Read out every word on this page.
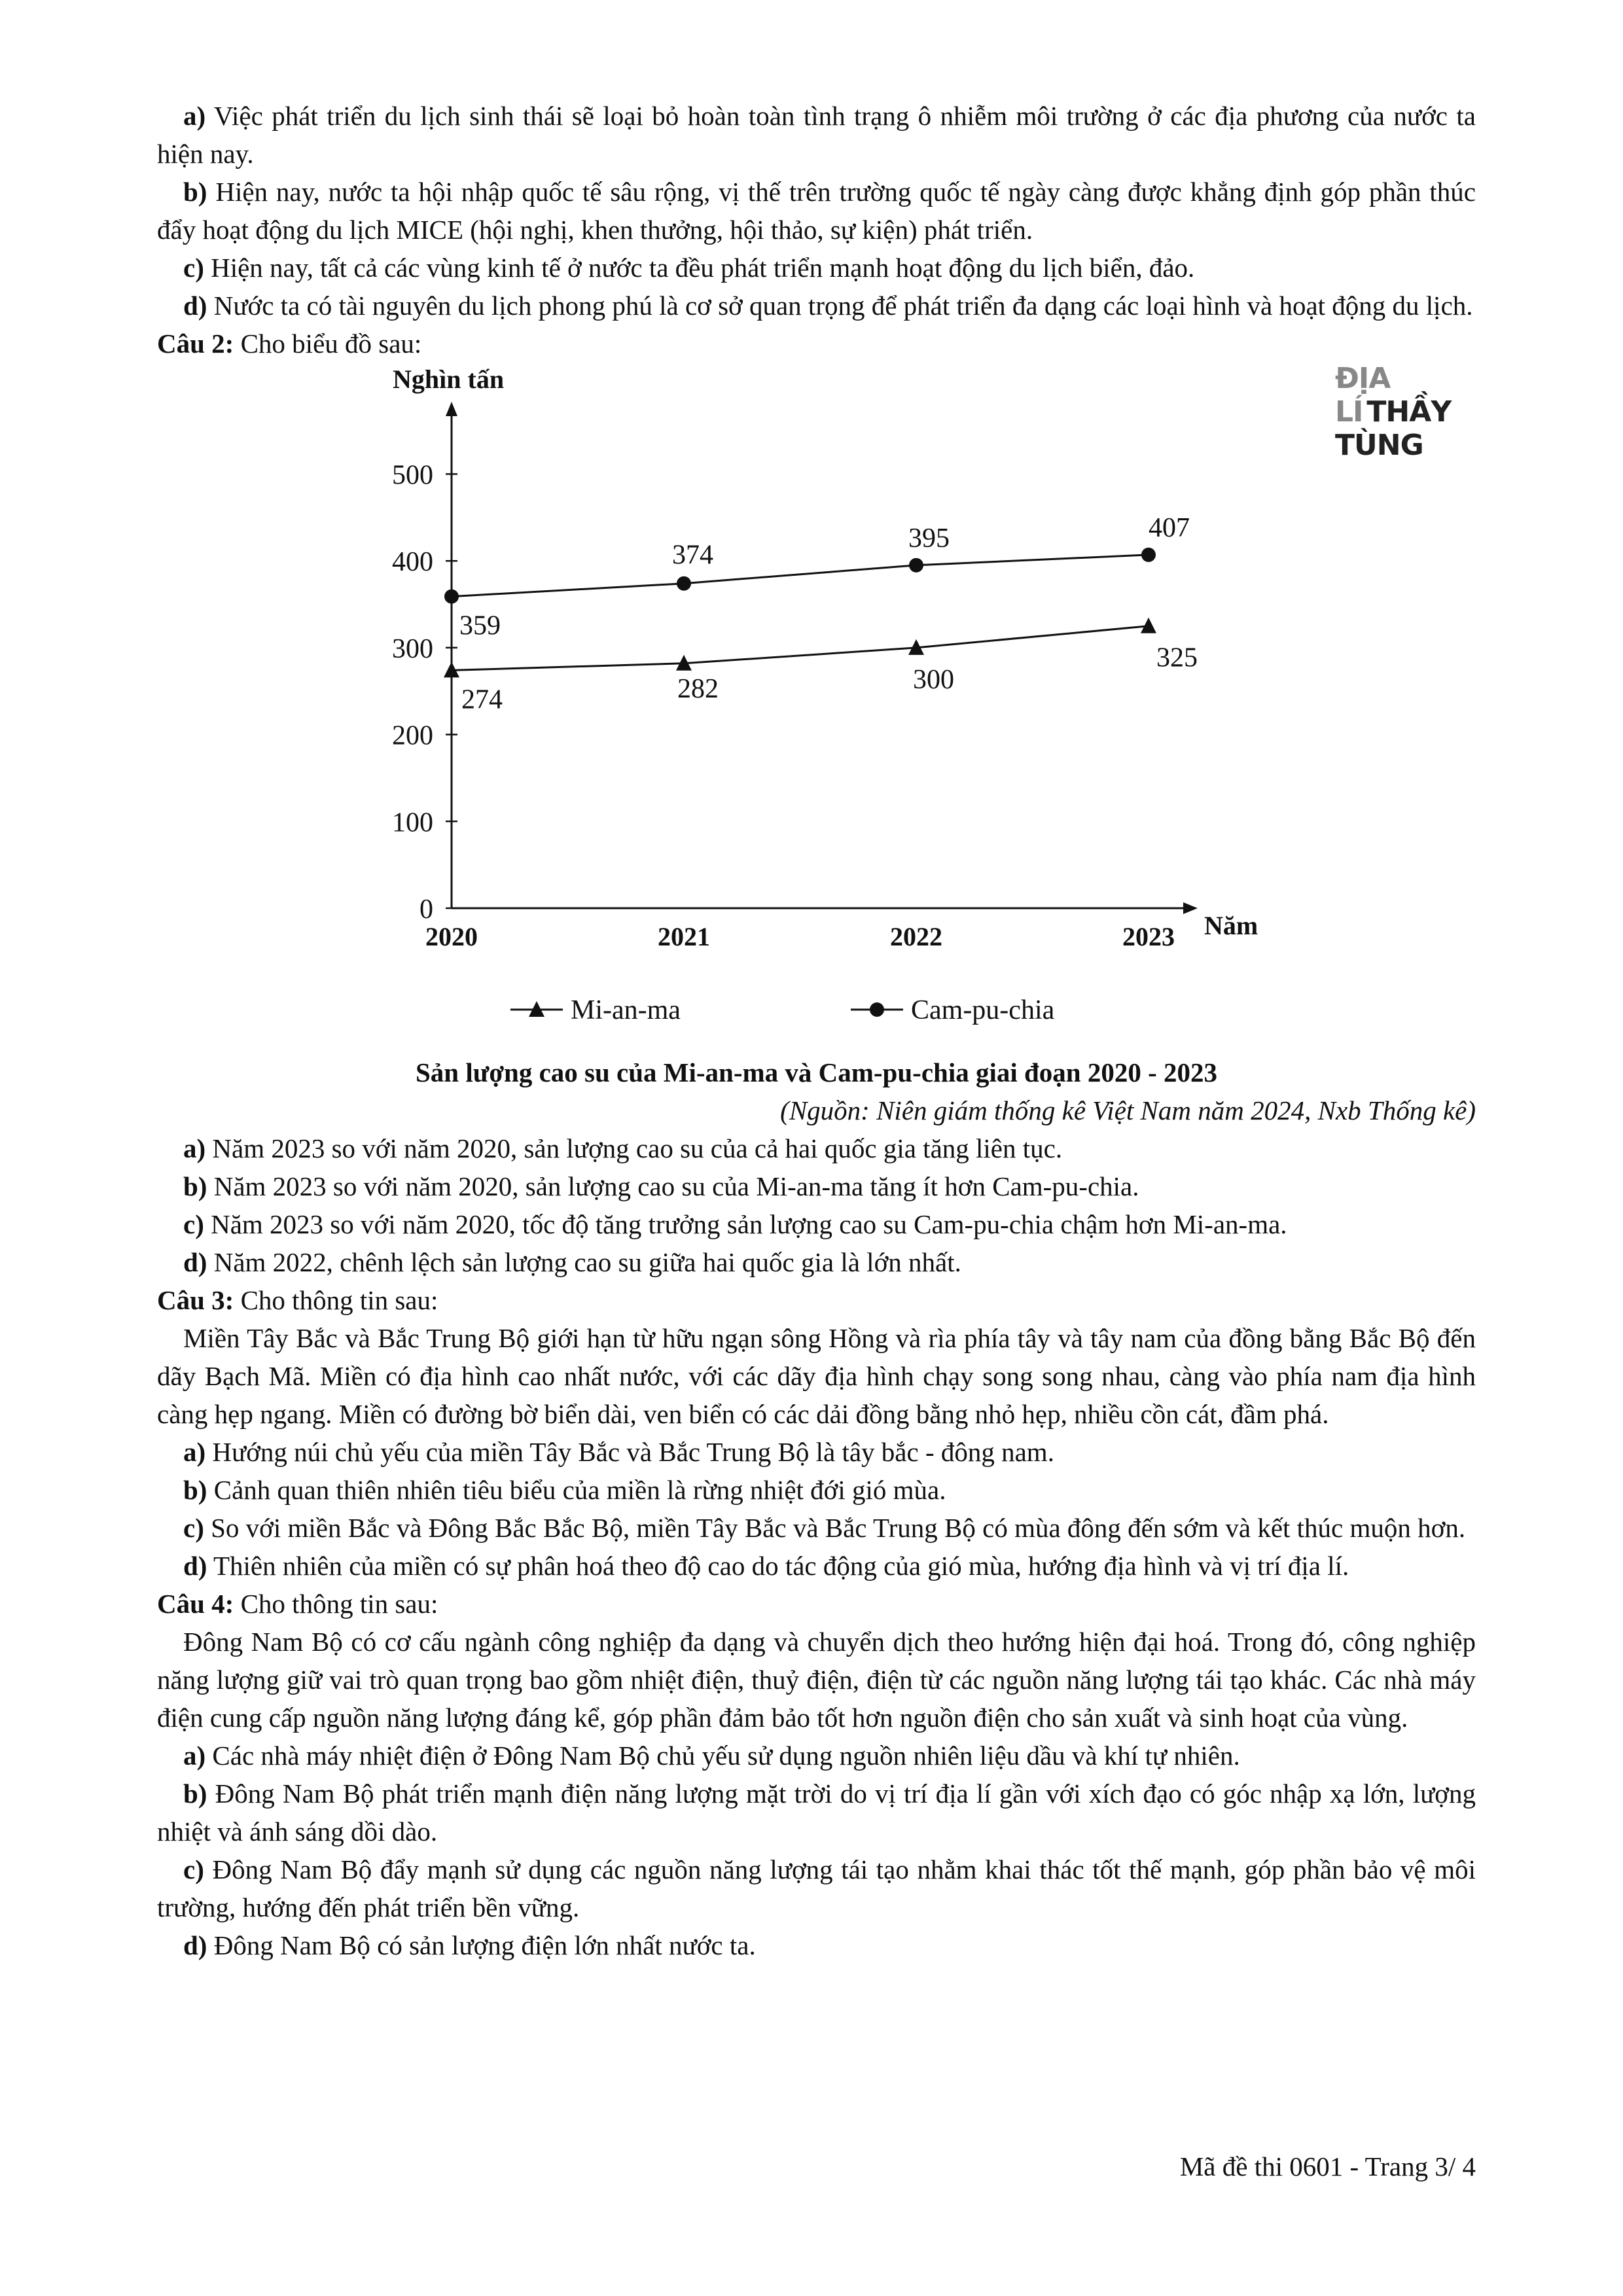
a) Việc phát triển du lịch sinh thái sẽ loại bỏ hoàn toàn tình trạng ô nhiễm môi trường ở các địa phương của nước ta hiện nay.

b) Hiện nay, nước ta hội nhập quốc tế sâu rộng, vị thế trên trường quốc tế ngày càng được khẳng định góp phần thúc đẩy hoạt động du lịch MICE (hội nghị, khen thưởng, hội thảo, sự kiện) phát triển.

c) Hiện nay, tất cả các vùng kinh tế ở nước ta đều phát triển mạnh hoạt động du lịch biển, đảo.

d) Nước ta có tài nguyên du lịch phong phú là cơ sở quan trọng để phát triển đa dạng các loại hình và hoạt động du lịch.

Câu 2: Cho biểu đồ sau:

ĐỊA LÍ THẦY TÙNG
Nghìn tấn
Năm
0
100
200
300
400
500
2020	2021	2022	2023
274	282	300
325
359
374
395	407
Mi-an-ma	Cam-pu-chia

Sản lượng cao su của Mi-an-ma và Cam-pu-chia giai đoạn 2020 - 2023

(Nguồn: Niên giám thống kê Việt Nam năm 2024, Nxb Thống kê)

a) Năm 2023 so với năm 2020, sản lượng cao su của cả hai quốc gia tăng liên tục.

b) Năm 2023 so với năm 2020, sản lượng cao su của Mi-an-ma tăng ít hơn Cam-pu-chia.

c) Năm 2023 so với năm 2020, tốc độ tăng trưởng sản lượng cao su Cam-pu-chia chậm hơn Mi-an-ma.

d) Năm 2022, chênh lệch sản lượng cao su giữa hai quốc gia là lớn nhất.

Câu 3: Cho thông tin sau:

Miền Tây Bắc và Bắc Trung Bộ giới hạn từ hữu ngạn sông Hồng và rìa phía tây và tây nam của đồng bằng Bắc Bộ đến dãy Bạch Mã. Miền có địa hình cao nhất nước, với các dãy địa hình chạy song song nhau, càng vào phía nam địa hình càng hẹp ngang. Miền có đường bờ biển dài, ven biển có các dải đồng bằng nhỏ hẹp, nhiều cồn cát, đầm phá.

a) Hướng núi chủ yếu của miền Tây Bắc và Bắc Trung Bộ là tây bắc - đông nam.

b) Cảnh quan thiên nhiên tiêu biểu của miền là rừng nhiệt đới gió mùa.

c) So với miền Bắc và Đông Bắc Bắc Bộ, miền Tây Bắc và Bắc Trung Bộ có mùa đông đến sớm và kết thúc muộn hơn.

d) Thiên nhiên của miền có sự phân hoá theo độ cao do tác động của gió mùa, hướng địa hình và vị trí địa lí.

Câu 4: Cho thông tin sau:

Đông Nam Bộ có cơ cấu ngành công nghiệp đa dạng và chuyển dịch theo hướng hiện đại hoá. Trong đó, công nghiệp năng lượng giữ vai trò quan trọng bao gồm nhiệt điện, thuỷ điện, điện từ các nguồn năng lượng tái tạo khác. Các nhà máy điện cung cấp nguồn năng lượng đáng kể, góp phần đảm bảo tốt hơn nguồn điện cho sản xuất và sinh hoạt của vùng.

a) Các nhà máy nhiệt điện ở Đông Nam Bộ chủ yếu sử dụng nguồn nhiên liệu dầu và khí tự nhiên.

b) Đông Nam Bộ phát triển mạnh điện năng lượng mặt trời do vị trí địa lí gần với xích đạo có góc nhập xạ lớn, lượng nhiệt và ánh sáng dồi dào.

c) Đông Nam Bộ đẩy mạnh sử dụng các nguồn năng lượng tái tạo nhằm khai thác tốt thế mạnh, góp phần bảo vệ môi trường, hướng đến phát triển bền vững.

d) Đông Nam Bộ có sản lượng điện lớn nhất nước ta.

Mã đề thi 0601 - Trang 3/ 4
